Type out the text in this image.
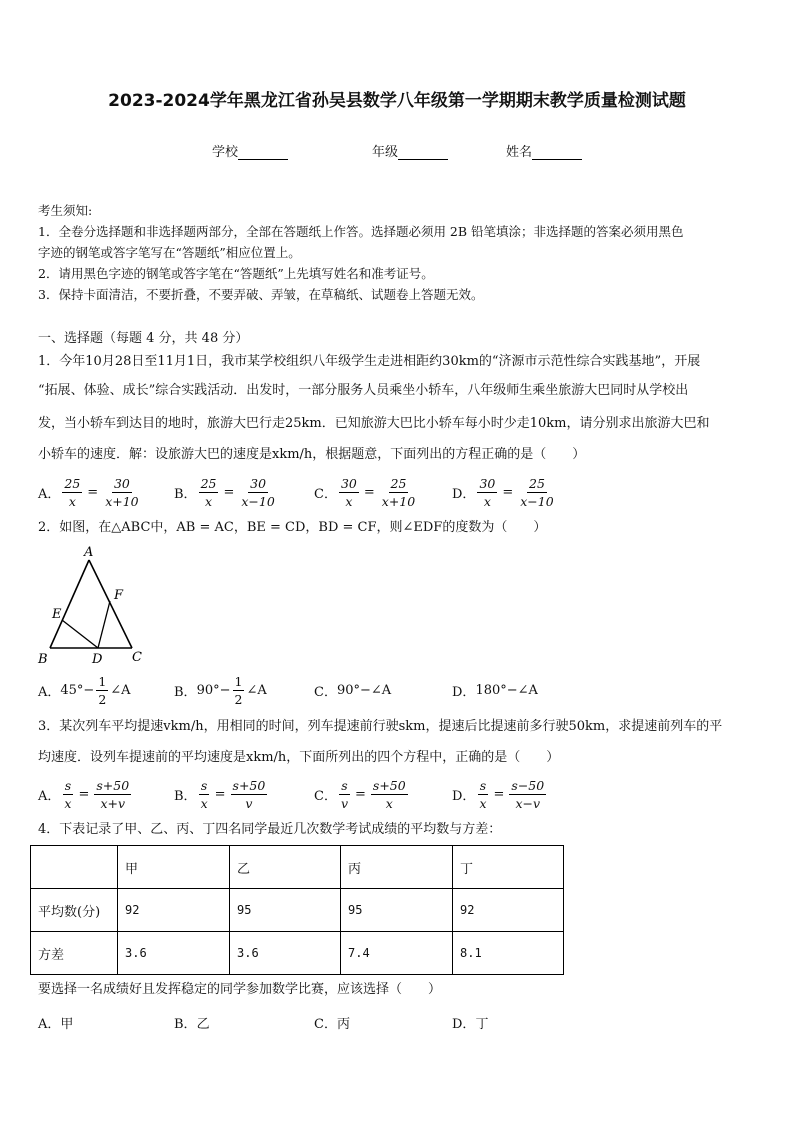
2023-2024学年黑龙江省孙吴县数学八年级第一学期期末教学质量检测试题
学校	年级	姓名
考生须知:
1．全卷分选择题和非选择题两部分，全部在答题纸上作答。选择题必须用 2B 铅笔填涂；非选择题的答案必须用黑色
字迹的钢笔或答字笔写在“答题纸”相应位置上。
2．请用黑色字迹的钢笔或答字笔在“答题纸”上先填写姓名和准考证号。
3．保持卡面清洁，不要折叠，不要弄破、弄皱，在草稿纸、试题卷上答题无效。
一、选择题（每题 4 分，共 48 分）
1．今年10月28日至11月1日，我市某学校组织八年级学生走进相距约30km的“济源市示范性综合实践基地”，开展
“拓展、体验、成长”综合实践活动．出发时，一部分服务人员乘坐小轿车，八年级师生乘坐旅游大巴同时从学校出
发，当小轿车到达目的地时，旅游大巴行走25km．已知旅游大巴比小轿车每小时少走10km，请分别求出旅游大巴和
小轿车的速度．解：设旅游大巴的速度是xkm/h，根据题意，下面列出的方程正确的是（　　）
A． $\frac{25}{x} = \frac{30}{x+10}$	B． $\frac{25}{x} = \frac{30}{x-10}$	C． $\frac{30}{x} = \frac{25}{x+10}$	D． $\frac{30}{x} = \frac{25}{x-10}$
2．如图，在△ABC中，AB = AC，BE = CD，BD = CF，则∠EDF的度数为（　　）
A
B	C
D
E
F
A． $45^\circ- \frac{1}{2}$ ∠A	B． $90^\circ- \frac{1}{2}$ ∠A	C． 90°−∠A	D． 180°−∠A
3．某次列车平均提速vkm/h，用相同的时间，列车提速前行驶skm，提速后比提速前多行驶50km，求提速前列车的平
均速度．设列车提速前的平均速度是xkm/h，下面所列出的四个方程中，正确的是（　　）
A． $\frac{s}{x} = \frac{s+50}{x+v}$	B． $\frac{s}{x} = \frac{s+50}{v}$	C． $\frac{s}{v} = \frac{s+50}{x}$	D． $\frac{s}{x} = \frac{s-50}{x-v}$
4．下表记录了甲、乙、丙、丁四名同学最近几次数学考试成绩的平均数与方差：
	甲	乙	丙	丁
平均数(分)	92	95	95	92
方差	3.6	3.6	7.4	8.1
要选择一名成绩好且发挥稳定的同学参加数学比赛，应该选择（　　）
A． 甲	B． 乙	C． 丙	D． 丁
